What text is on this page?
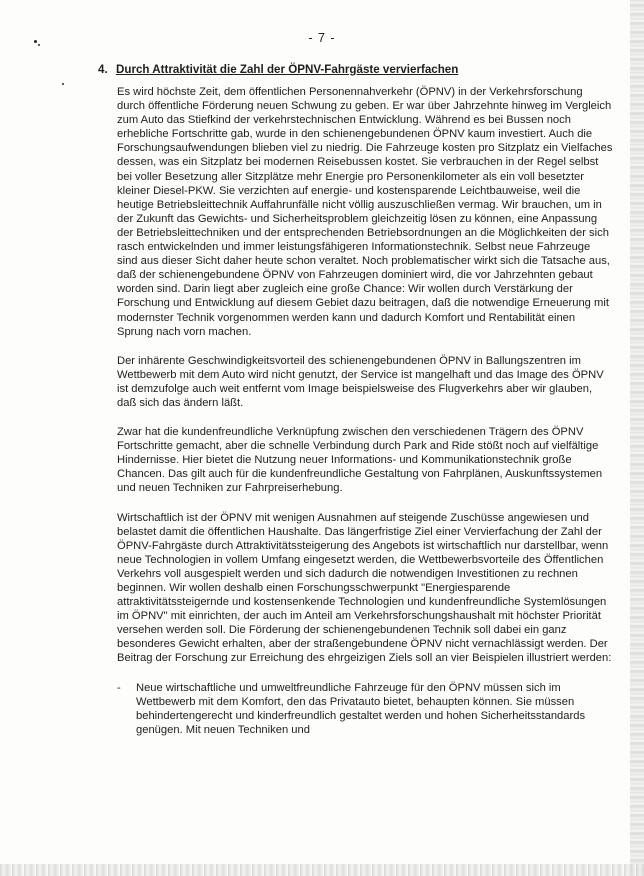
- 7 -
4. Durch Attraktivität die Zahl der ÖPNV-Fahrgäste vervierfachen

Es wird höchste Zeit, dem öffentlichen Personennahverkehr (ÖPNV) in der Verkehrsforschung durch öffentliche Förderung neuen Schwung zu geben. Er war über Jahrzehnte hinweg im Vergleich zum Auto das Stiefkind der verkehrstechnischen Entwicklung. Während es bei Bussen noch erhebliche Fortschritte gab, wurde in den schienengebundenen ÖPNV kaum investiert. Auch die Forschungsaufwendungen blieben viel zu niedrig. Die Fahrzeuge kosten pro Sitzplatz ein Vielfaches dessen, was ein Sitzplatz bei modernen Reisebussen kostet. Sie verbrauchen in der Regel selbst bei voller Besetzung aller Sitzplätze mehr Energie pro Personenkilometer als ein voll besetzter kleiner Diesel-PKW. Sie verzichten auf energie- und kostensparende Leichtbauweise, weil die heutige Betriebsleittechnik Auffahrunfälle nicht völlig auszuschließen vermag. Wir brauchen, um in der Zukunft das Gewichts- und Sicherheitsproblem gleichzeitig lösen zu können, eine Anpassung der Betriebsleittechniken und der entsprechenden Betriebsordnungen an die Möglichkeiten der sich rasch entwickelnden und immer leistungsfähigeren Informationstechnik. Selbst neue Fahrzeuge sind aus dieser Sicht daher heute schon veraltet. Noch problematischer wirkt sich die Tatsache aus, daß der schienengebundene ÖPNV von Fahrzeugen dominiert wird, die vor Jahrzehnten gebaut worden sind. Darin liegt aber zugleich eine große Chance: Wir wollen durch Verstärkung der Forschung und Entwicklung auf diesem Gebiet dazu beitragen, daß die notwendige Erneuerung mit modernster Technik vorgenommen werden kann und dadurch Komfort und Rentabilität einen Sprung nach vorn machen.

Der inhärente Geschwindigkeitsvorteil des schienengebundenen ÖPNV in Ballungszentren im Wettbewerb mit dem Auto wird nicht genutzt, der Service ist mangelhaft und das Image des ÖPNV ist demzufolge auch weit entfernt vom Image beispielsweise des Flugverkehrs aber wir glauben, daß sich das ändern läßt.

Zwar hat die kundenfreundliche Verknüpfung zwischen den verschiedenen Trägern des ÖPNV Fortschritte gemacht, aber die schnelle Verbindung durch Park and Ride stößt noch auf vielfältige Hindernisse. Hier bietet die Nutzung neuer Informations- und Kommunikationstechnik große Chancen. Das gilt auch für die kundenfreundliche Gestaltung von Fahrplänen, Auskunftssystemen und neuen Techniken zur Fahrpreiserhebung.

Wirtschaftlich ist der ÖPNV mit wenigen Ausnahmen auf steigende Zuschüsse angewiesen und belastet damit die öffentlichen Haushalte. Das längerfristige Ziel einer Vervierfachung der Zahl der ÖPNV-Fahrgäste durch Attraktivitätssteigerung des Angebots ist wirtschaftlich nur darstellbar, wenn neue Technologien in vollem Umfang eingesetzt werden, die Wettbewerbsvorteile des Öffentlichen Verkehrs voll ausgespielt werden und sich dadurch die notwendigen Investitionen zu rechnen beginnen. Wir wollen deshalb einen Forschungsschwerpunkt "Energiesparende attraktivitätssteigernde und kostensenkende Technologien und kundenfreundliche Systemlösungen im ÖPNV" mit einrichten, der auch im Anteil am Verkehrsforschungshaushalt mit höchster Priorität versehen werden soll. Die Förderung der schienengebundenen Technik soll dabei ein ganz besonderes Gewicht erhalten, aber der straßengebundene ÖPNV nicht vernachlässigt werden. Der Beitrag der Forschung zur Erreichung des ehrgeizigen Ziels soll an vier Beispielen illustriert werden:

-	Neue wirtschaftliche und umweltfreundliche Fahrzeuge für den ÖPNV müssen sich im Wettbewerb mit dem Komfort, den das Privatauto bietet, behaupten können. Sie müssen behindertengerecht und kinderfreundlich gestaltet werden und hohen Sicherheitsstandards genügen. Mit neuen Techniken und
